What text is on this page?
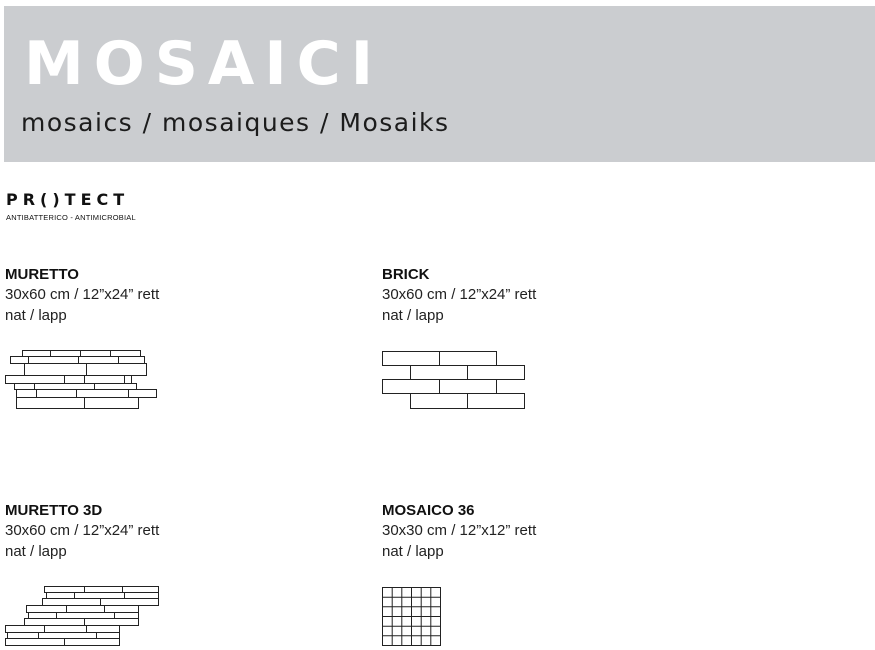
MOSAICI

mosaics / mosaiques / Mosaiks

PR()TECT
ANTIBATTERICO - ANTIMICROBIAL
MURETTO
30x60 cm / 12”x24” rett
nat / lapp
BRICK
30x60 cm / 12”x24” rett
nat / lapp
MURETTO 3D
30x60 cm / 12”x24” rett
nat / lapp
MOSAICO 36
30x30 cm / 12”x12” rett
nat / lapp
